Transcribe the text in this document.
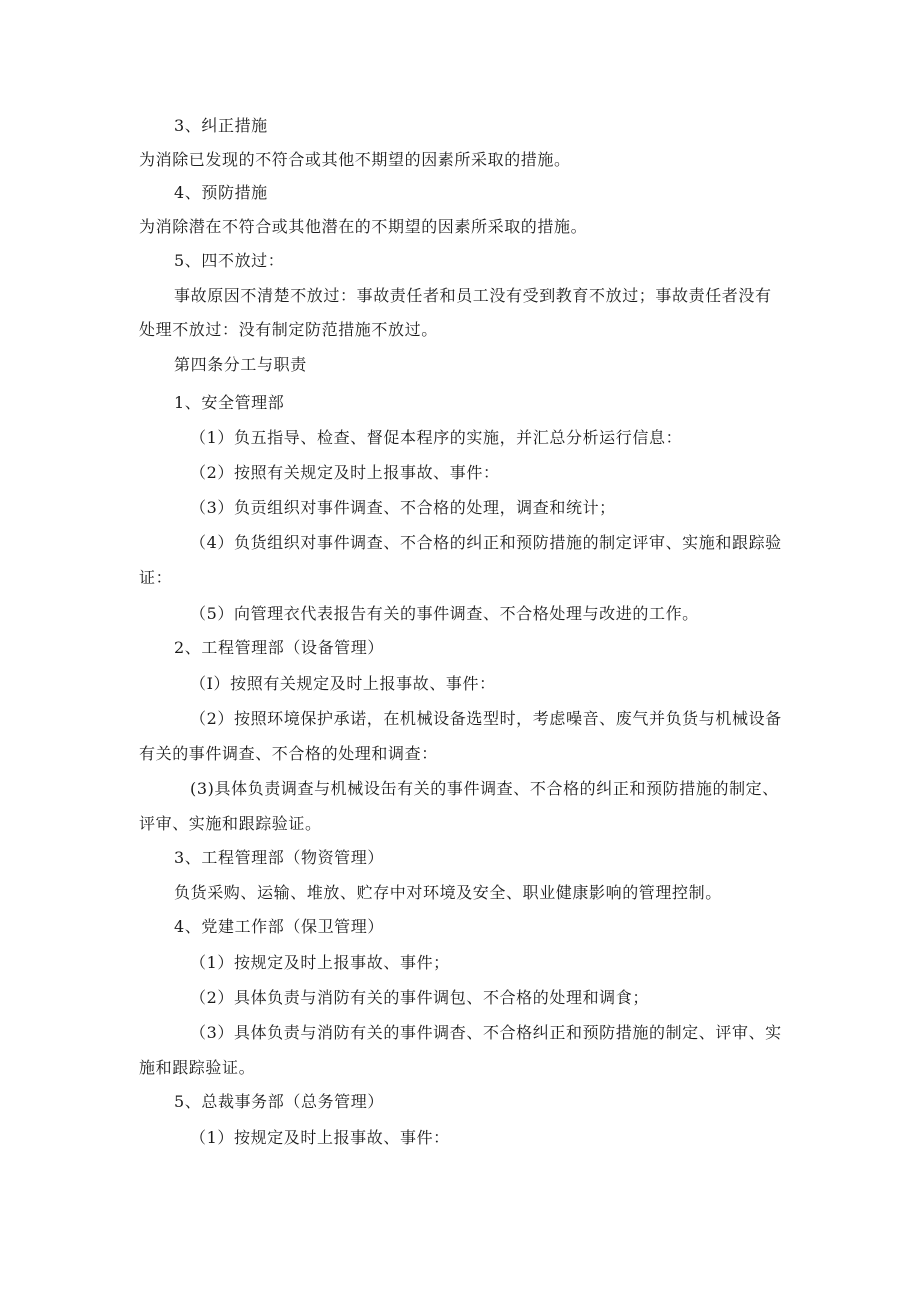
3、纠正措施
为消除已发现的不符合或其他不期望的因素所采取的措施。
4、预防措施
为消除潜在不符合或其他潜在的不期望的因素所采取的措施。
5、四不放过：
事故原因不清楚不放过：事故责任者和员工没有受到教育不放过；事故责任者没有
处理不放过：没有制定防范措施不放过。
第四条分工与职责
1、安全管理部
（1）负五指导、检查、督促本程序的实施，并汇总分析运行信息：
（2）按照有关规定及时上报事故、事件：
（3）负贡组织对事件调查、不合格的处理，调查和统计；
（4）负货组织对事件调查、不合格的纠正和预防措施的制定评审、实施和跟踪验
证：
（5）向管理衣代表报告有关的事件调查、不合格处理与改进的工作。
2、工程管理部（设备管理）
（I）按照有关规定及时上报事故、事件：
（2）按照环境保护承诺，在机械设备选型时，考虑噪音、废气并负货与机械设备
有关的事件调查、不合格的处理和调查：
(3)具体负责调查与机械设缶有关的事件调查、不合格的纠正和预防措施的制定、
评审、实施和跟踪验证。
3、工程管理部（物资管理）
负货采购、运输、堆放、贮存中对环境及安全、职业健康影响的管理控制。
4、党建工作部（保卫管理）
（1）按规定及时上报事故、事件；
（2）具体负责与消防有关的事件调包、不合格的处理和调食；
（3）具体负责与消防有关的事件调杳、不合格纠正和预防措施的制定、评审、实
施和跟踪验证。
5、总裁事务部（总务管理）
（1）按规定及时上报事故、事件：
